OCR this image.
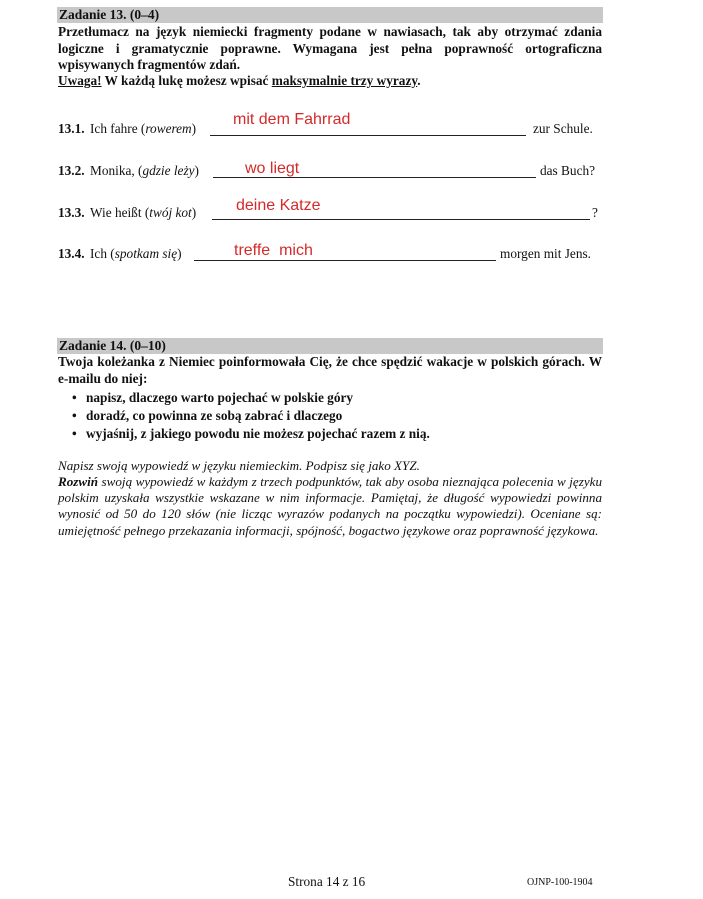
Zadanie 13. (0–4)
Przetłumacz na język niemiecki fragmenty podane w nawiasach, tak aby otrzymać zdania logiczne i gramatycznie poprawne. Wymagana jest pełna poprawność ortograficzna wpisywanych fragmentów zdań.
Uwaga! W każdą lukę możesz wpisać maksymalnie trzy wyrazy.
13.1. Ich fahre (rowerem)	zur Schule.
mit dem Fahrrad
13.2. Monika, (gdzie leży)	das Buch?
wo liegt
13.3. Wie heißt (twój kot)	?
deine Katze
13.4. Ich (spotkam się)	morgen mit Jens.
treffe  mich
Zadanie 14. (0–10)
Twoja koleżanka z Niemiec poinformowała Cię, że chce spędzić wakacje w polskich górach. W e-mailu do niej:
• napisz, dlaczego warto pojechać w polskie góry
• doradź, co powinna ze sobą zabrać i dlaczego
• wyjaśnij, z jakiego powodu nie możesz pojechać razem z nią.
Napisz swoją wypowiedź w języku niemieckim. Podpisz się jako XYZ.
Rozwiń swoją wypowiedź w każdym z trzech podpunktów, tak aby osoba nieznająca polecenia w języku polskim uzyskała wszystkie wskazane w nim informacje. Pamiętaj, że długość wypowiedzi powinna wynosić od 50 do 120 słów (nie licząc wyrazów podanych na początku wypowiedzi). Oceniane są: umiejętność pełnego przekazania informacji, spójność, bogactwo językowe oraz poprawność językowa.
Strona 14 z 16	OJNP-100-1904
